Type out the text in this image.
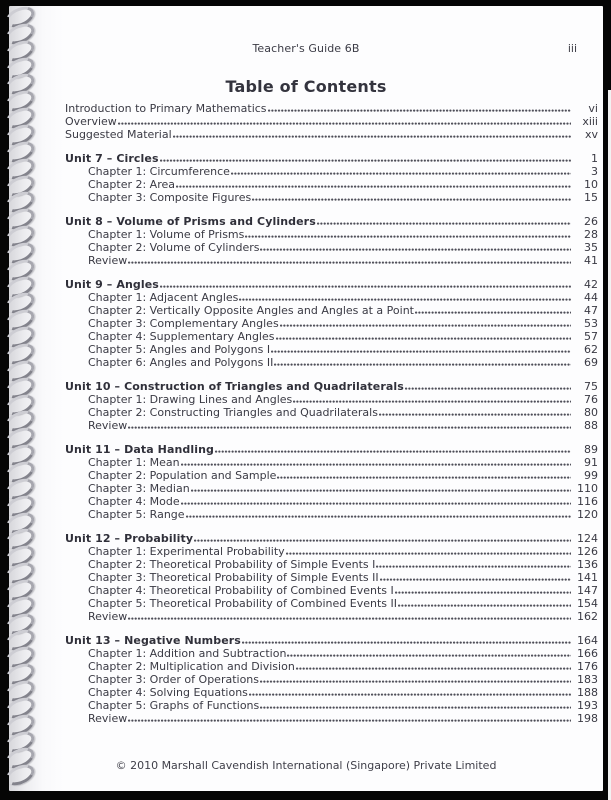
Teacher's Guide 6B	iii
Table of Contents
Introduction to Primary Mathematics	vi
Overview	xiii
Suggested Material	xv
Unit 7 – Circles	1
Chapter 1: Circumference	3
Chapter 2: Area	10
Chapter 3: Composite Figures	15
Unit 8 – Volume of Prisms and Cylinders	26
Chapter 1: Volume of Prisms	28
Chapter 2: Volume of Cylinders	35
Review	41
Unit 9 – Angles	42
Chapter 1: Adjacent Angles	44
Chapter 2: Vertically Opposite Angles and Angles at a Point	47
Chapter 3: Complementary Angles	53
Chapter 4: Supplementary Angles	57
Chapter 5: Angles and Polygons I	62
Chapter 6: Angles and Polygons II	69
Unit 10 – Construction of Triangles and Quadrilaterals	75
Chapter 1: Drawing Lines and Angles	76
Chapter 2: Constructing Triangles and Quadrilaterals	80
Review	88
Unit 11 – Data Handling	89
Chapter 1: Mean	91
Chapter 2: Population and Sample	99
Chapter 3: Median	110
Chapter 4: Mode	116
Chapter 5: Range	120
Unit 12 – Probability	124
Chapter 1: Experimental Probability	126
Chapter 2: Theoretical Probability of Simple Events I	136
Chapter 3: Theoretical Probability of Simple Events II	141
Chapter 4: Theoretical Probability of Combined Events I	147
Chapter 5: Theoretical Probability of Combined Events II	154
Review	162
Unit 13 – Negative Numbers	164
Chapter 1: Addition and Subtraction	166
Chapter 2: Multiplication and Division	176
Chapter 3: Order of Operations	183
Chapter 4: Solving Equations	188
Chapter 5: Graphs of Functions	193
Review	198
© 2010 Marshall Cavendish International (Singapore) Private Limited
